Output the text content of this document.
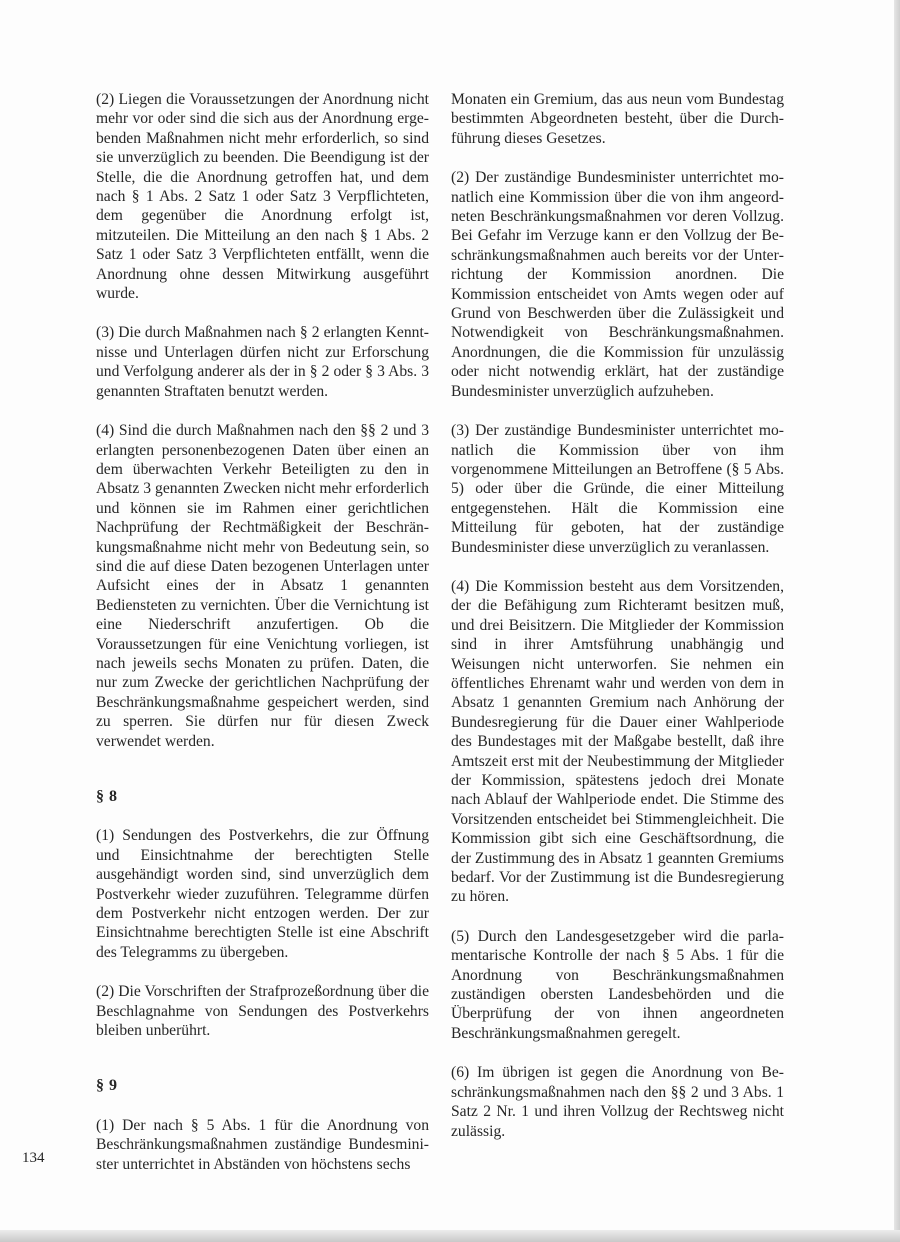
(2) Liegen die Voraussetzungen der Anordnung nicht mehr vor oder sind die sich aus der Anordnung ergebenden Maßnahmen nicht mehr erforderlich, so sind sie unverzüglich zu beenden. Die Beendigung ist der Stelle, die die Anordnung getroffen hat, und dem nach § 1 Abs. 2 Satz 1 oder Satz 3 Verpflichteten, dem gegenüber die Anordnung erfolgt ist, mitzuteilen. Die Mitteilung an den nach § 1 Abs. 2 Satz 1 oder Satz 3 Verpflichteten entfällt, wenn die Anordnung ohne dessen Mitwirkung ausgeführt wurde.

(3) Die durch Maßnahmen nach § 2 erlangten Kenntnisse und Unterlagen dürfen nicht zur Erforschung und Verfolgung anderer als der in § 2 oder § 3 Abs. 3 genannten Straftaten benutzt werden.

(4) Sind die durch Maßnahmen nach den §§ 2 und 3 erlangten personenbezogenen Daten über einen an dem überwachten Verkehr Beteiligten zu den in Absatz 3 genannten Zwecken nicht mehr erforderlich und können sie im Rahmen einer gerichtlichen Nachprüfung der Rechtmäßigkeit der Beschränkungsmaßnahme nicht mehr von Bedeutung sein, so sind die auf diese Daten bezogenen Unterlagen unter Aufsicht eines der in Absatz 1 genannten Bediensteten zu vernichten. Über die Vernichtung ist eine Niederschrift anzufertigen. Ob die Voraussetzungen für eine Venichtung vorliegen, ist nach jeweils sechs Monaten zu prüfen. Daten, die nur zum Zwecke der gerichtlichen Nachprüfung der Beschränkungsmaßnahme gespeichert werden, sind zu sperren. Sie dürfen nur für diesen Zweck verwendet werden.

§ 8

(1) Sendungen des Postverkehrs, die zur Öffnung und Einsichtnahme der berechtigten Stelle ausgehändigt worden sind, sind unverzüglich dem Postverkehr wieder zuzuführen. Telegramme dürfen dem Postverkehr nicht entzogen werden. Der zur Einsichtnahme berechtigten Stelle ist eine Abschrift des Telegramms zu übergeben.

(2) Die Vorschriften der Strafprozeßordnung über die Beschlagnahme von Sendungen des Postverkehrs bleiben unberührt.

§ 9

(1) Der nach § 5 Abs. 1 für die Anordnung von Beschränkungsmaßnahmen zuständige Bundesminister unterrichtet in Abständen von höchstens sechs

Monaten ein Gremium, das aus neun vom Bundestag bestimmten Abgeordneten besteht, über die Durchführung dieses Gesetzes.

(2) Der zuständige Bundesminister unterrichtet monatlich eine Kommission über die von ihm angeordneten Beschränkungsmaßnahmen vor deren Vollzug. Bei Gefahr im Verzuge kann er den Vollzug der Beschränkungsmaßnahmen auch bereits vor der Unterrichtung der Kommission anordnen. Die Kommission entscheidet von Amts wegen oder auf Grund von Beschwerden über die Zulässigkeit und Notwendigkeit von Beschränkungsmaßnahmen. Anordnungen, die die Kommission für unzulässig oder nicht notwendig erklärt, hat der zuständige Bundesminister unverzüglich aufzuheben.

(3) Der zuständige Bundesminister unterrichtet monatlich die Kommission über von ihm vorgenommene Mitteilungen an Betroffene (§ 5 Abs. 5) oder über die Gründe, die einer Mitteilung entgegenstehen. Hält die Kommission eine Mitteilung für geboten, hat der zuständige Bundesminister diese unverzüglich zu veranlassen.

(4) Die Kommission besteht aus dem Vorsitzenden, der die Befähigung zum Richteramt besitzen muß, und drei Beisitzern. Die Mitglieder der Kommission sind in ihrer Amtsführung unabhängig und Weisungen nicht unterworfen. Sie nehmen ein öffentliches Ehrenamt wahr und werden von dem in Absatz 1 genannten Gremium nach Anhörung der Bundesregierung für die Dauer einer Wahlperiode des Bundestages mit der Maßgabe bestellt, daß ihre Amtszeit erst mit der Neubestimmung der Mitglieder der Kommission, spätestens jedoch drei Monate nach Ablauf der Wahlperiode endet. Die Stimme des Vorsitzenden entscheidet bei Stimmengleichheit. Die Kommission gibt sich eine Geschäftsordnung, die der Zustimmung des in Absatz 1 geannten Gremiums bedarf. Vor der Zustimmung ist die Bundesregierung zu hören.

(5) Durch den Landesgesetzgeber wird die parlamentarische Kontrolle der nach § 5 Abs. 1 für die Anordnung von Beschränkungsmaßnahmen zuständigen obersten Landesbehörden und die Überprüfung der von ihnen angeordneten Beschränkungsmaßnahmen geregelt.

(6) Im übrigen ist gegen die Anordnung von Beschränkungsmaßnahmen nach den §§ 2 und 3 Abs. 1 Satz 2 Nr. 1 und ihren Vollzug der Rechtsweg nicht zulässig.

134
